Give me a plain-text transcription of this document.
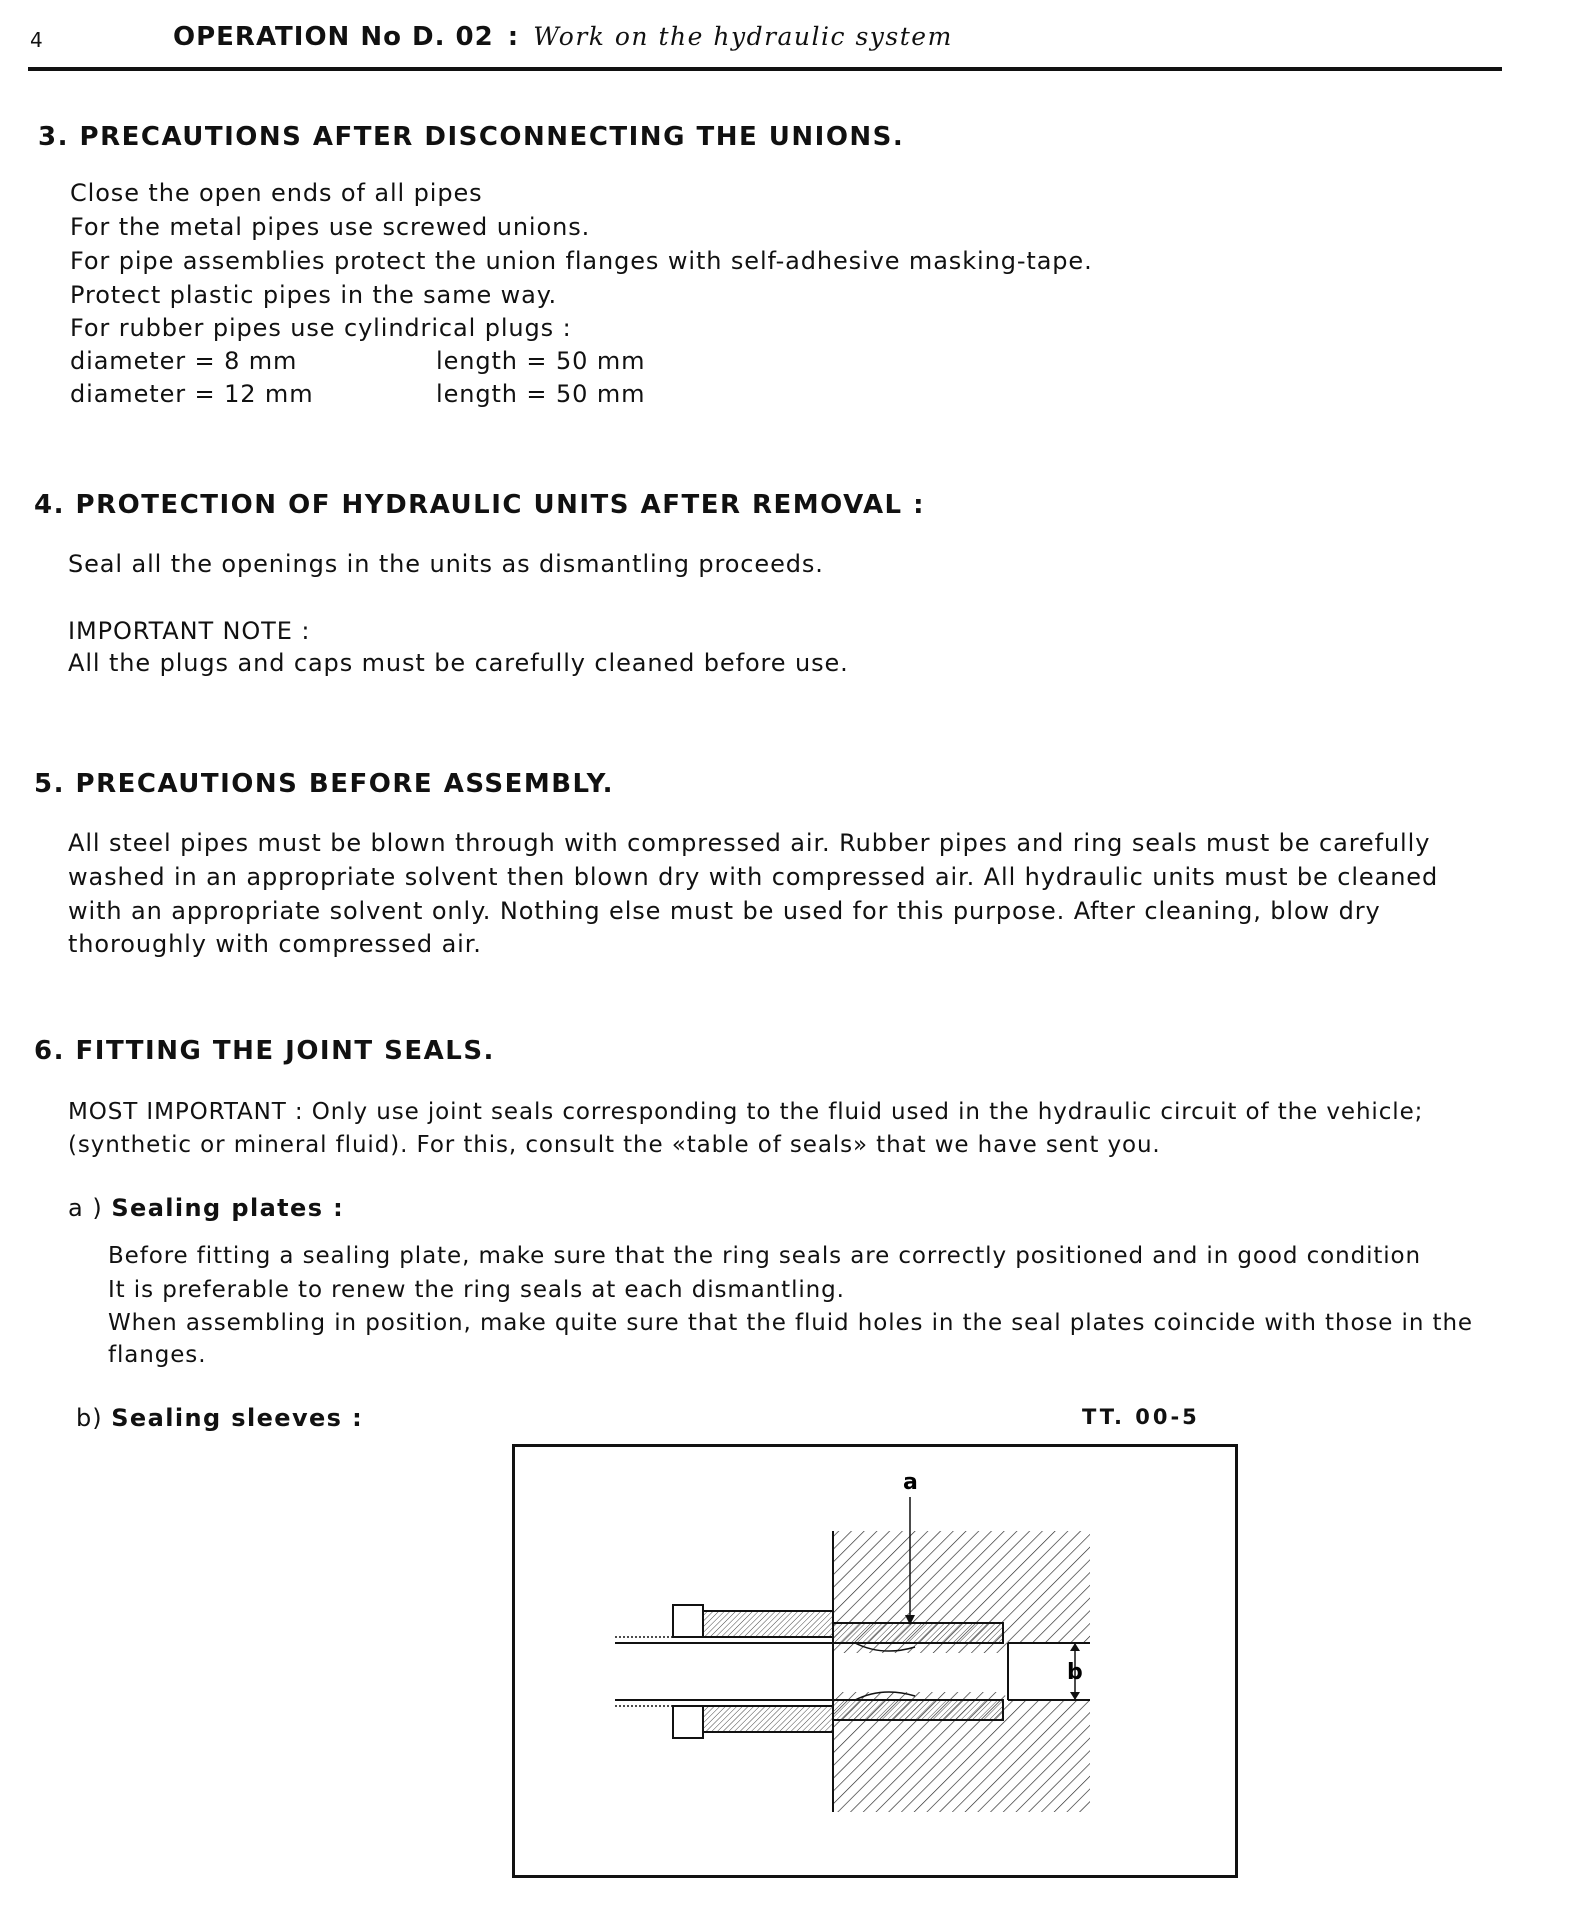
4	OPERATION No D. 02 : Work on the hydraulic system
3. PRECAUTIONS AFTER DISCONNECTING THE UNIONS.
Close the open ends of all pipes
For the metal pipes use screwed unions.
For pipe assemblies protect the union flanges with self-adhesive masking-tape.
Protect plastic pipes in the same way.
For rubber pipes use cylindrical plugs :
diameter = 8 mm	length = 50 mm
diameter = 12 mm	length = 50 mm
4. PROTECTION OF HYDRAULIC UNITS AFTER REMOVAL :
Seal all the openings in the units as dismantling proceeds.
IMPORTANT NOTE :
All the plugs and caps must be carefully cleaned before use.
5. PRECAUTIONS BEFORE ASSEMBLY.
All steel pipes must be blown through with compressed air. Rubber pipes and ring seals must be carefully
washed in an appropriate solvent then blown dry with compressed air. All hydraulic units must be cleaned
with an appropriate solvent only. Nothing else must be used for this purpose. After cleaning, blow dry
thoroughly with compressed air.
6. FITTING THE JOINT SEALS.
MOST IMPORTANT : Only use joint seals corresponding to the fluid used in the hydraulic circuit of the vehicle;
(synthetic or mineral fluid). For this, consult the «table of seals» that we have sent you.
a ) Sealing plates :
Before fitting a sealing plate, make sure that the ring seals are correctly positioned and in good condition
It is preferable to renew the ring seals at each dismantling.
When assembling in position, make quite sure that the fluid holes in the seal plates coincide with those in the
flanges.
b) Sealing sleeves :	TT. 00-5
a
b
